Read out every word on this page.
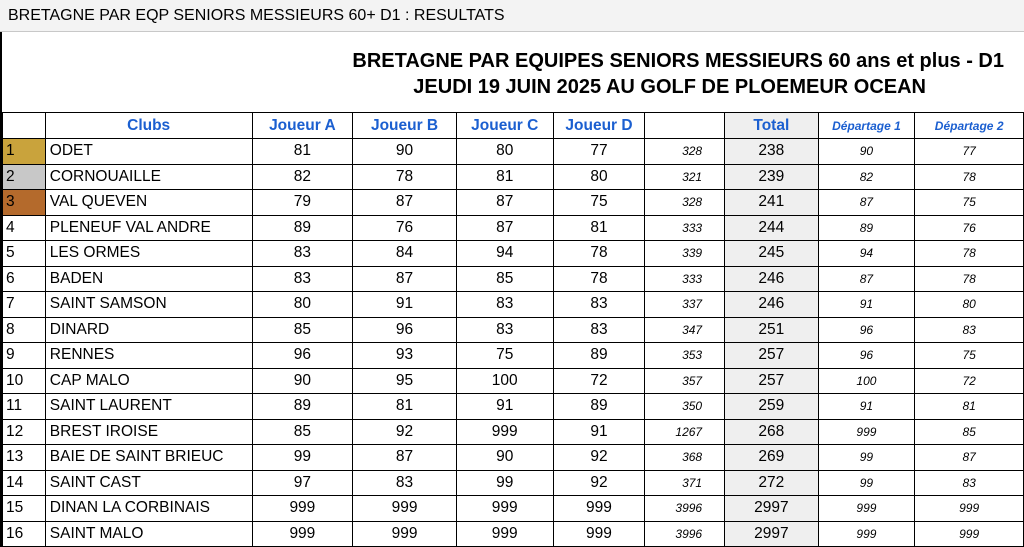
BRETAGNE PAR EQP SENIORS MESSIEURS 60+ D1 : RESULTATS
BRETAGNE PAR EQUIPES SENIORS MESSIEURS 60 ans et plus - D1
JEUDI 19 JUIN 2025 AU GOLF DE PLOEMEUR OCEAN
	Clubs	Joueur A	Joueur B	Joueur C	Joueur D		Total	Départage 1	Départage 2
1	ODET	81	90	80	77	328	238	90	77
2	CORNOUAILLE	82	78	81	80	321	239	82	78
3	VAL QUEVEN	79	87	87	75	328	241	87	75
4	PLENEUF VAL ANDRE	89	76	87	81	333	244	89	76
5	LES ORMES	83	84	94	78	339	245	94	78
6	BADEN	83	87	85	78	333	246	87	78
7	SAINT SAMSON	80	91	83	83	337	246	91	80
8	DINARD	85	96	83	83	347	251	96	83
9	RENNES	96	93	75	89	353	257	96	75
10	CAP MALO	90	95	100	72	357	257	100	72
11	SAINT LAURENT	89	81	91	89	350	259	91	81
12	BREST IROISE	85	92	999	91	1267	268	999	85
13	BAIE DE SAINT BRIEUC	99	87	90	92	368	269	99	87
14	SAINT CAST	97	83	99	92	371	272	99	83
15	DINAN LA CORBINAIS	999	999	999	999	3996	2997	999	999
16	SAINT MALO	999	999	999	999	3996	2997	999	999
